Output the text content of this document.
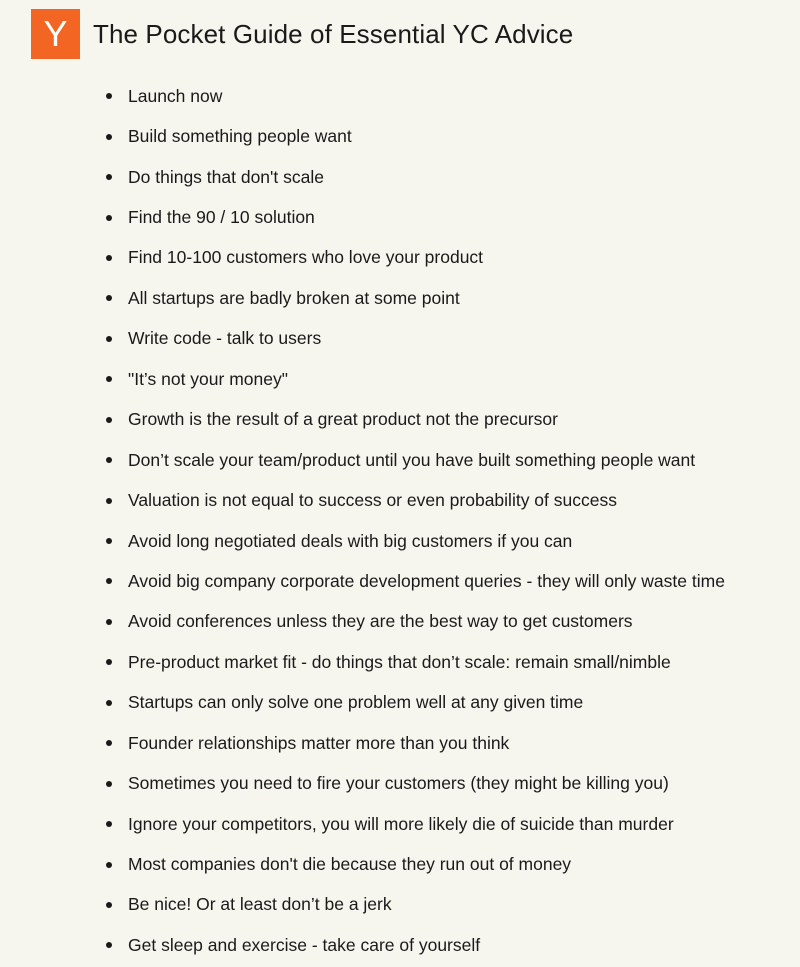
Y The Pocket Guide of Essential YC Advice
Launch now
Build something people want
Do things that don't scale
Find the 90 / 10 solution
Find 10-100 customers who love your product
All startups are badly broken at some point
Write code - talk to users
"It’s not your money"
Growth is the result of a great product not the precursor
Don’t scale your team/product until you have built something people want
Valuation is not equal to success or even probability of success
Avoid long negotiated deals with big customers if you can
Avoid big company corporate development queries - they will only waste time
Avoid conferences unless they are the best way to get customers
Pre-product market fit - do things that don’t scale: remain small/nimble
Startups can only solve one problem well at any given time
Founder relationships matter more than you think
Sometimes you need to fire your customers (they might be killing you)
Ignore your competitors, you will more likely die of suicide than murder
Most companies don't die because they run out of money
Be nice! Or at least don’t be a jerk
Get sleep and exercise - take care of yourself
